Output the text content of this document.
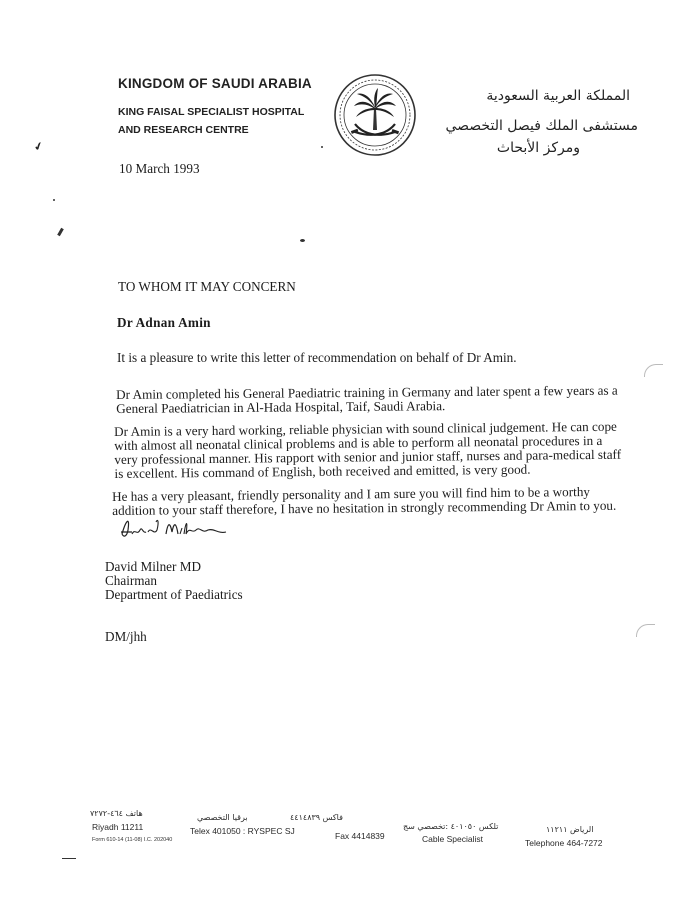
KINGDOM OF SAUDI ARABIA
KING FAISAL SPECIALIST HOSPITAL
AND RESEARCH CENTRE
المملكة العربية السعودية
مستشفى الملك فيصل التخصصي
ومركز الأبحاث
✔
10 March 1993
TO WHOM IT MAY CONCERN
Dr Adnan Amin
It is a pleasure to write this letter of recommendation on behalf of Dr Amin.
Dr Amin completed his General Paediatric training in Germany and later spent a few years as a General Paediatrician in Al-Hada Hospital, Taif, Saudi Arabia.
Dr Amin is a very hard working, reliable physician with sound clinical judgement. He can cope with almost all neonatal clinical problems and is able to perform all neonatal procedures in a very professional manner. His rapport with senior and junior staff, nurses and para-medical staff is excellent. His command of English, both received and emitted, is very good.
He has a very pleasant, friendly personality and I am sure you will find him to be a worthy addition to your staff therefore, I have no hesitation in strongly recommending Dr Amin to you.
David Milner MD
Chairman
Department of Paediatrics
DM/jhh
هاتف ٤٦٤-٧٢٧٢	برقيا التخصصي	فاكس ٤٤١٤٨٣٩
تلكس ٤٠١٠٥٠ :تخصصي سج	الرياض ١١٢١١
Riyadh 11211	Telex 401050 : RYSPEC SJ	Fax 4414839	Cable Specialist	Telephone 464-7272
Form 610-14 (11-08) I.C. 202040
